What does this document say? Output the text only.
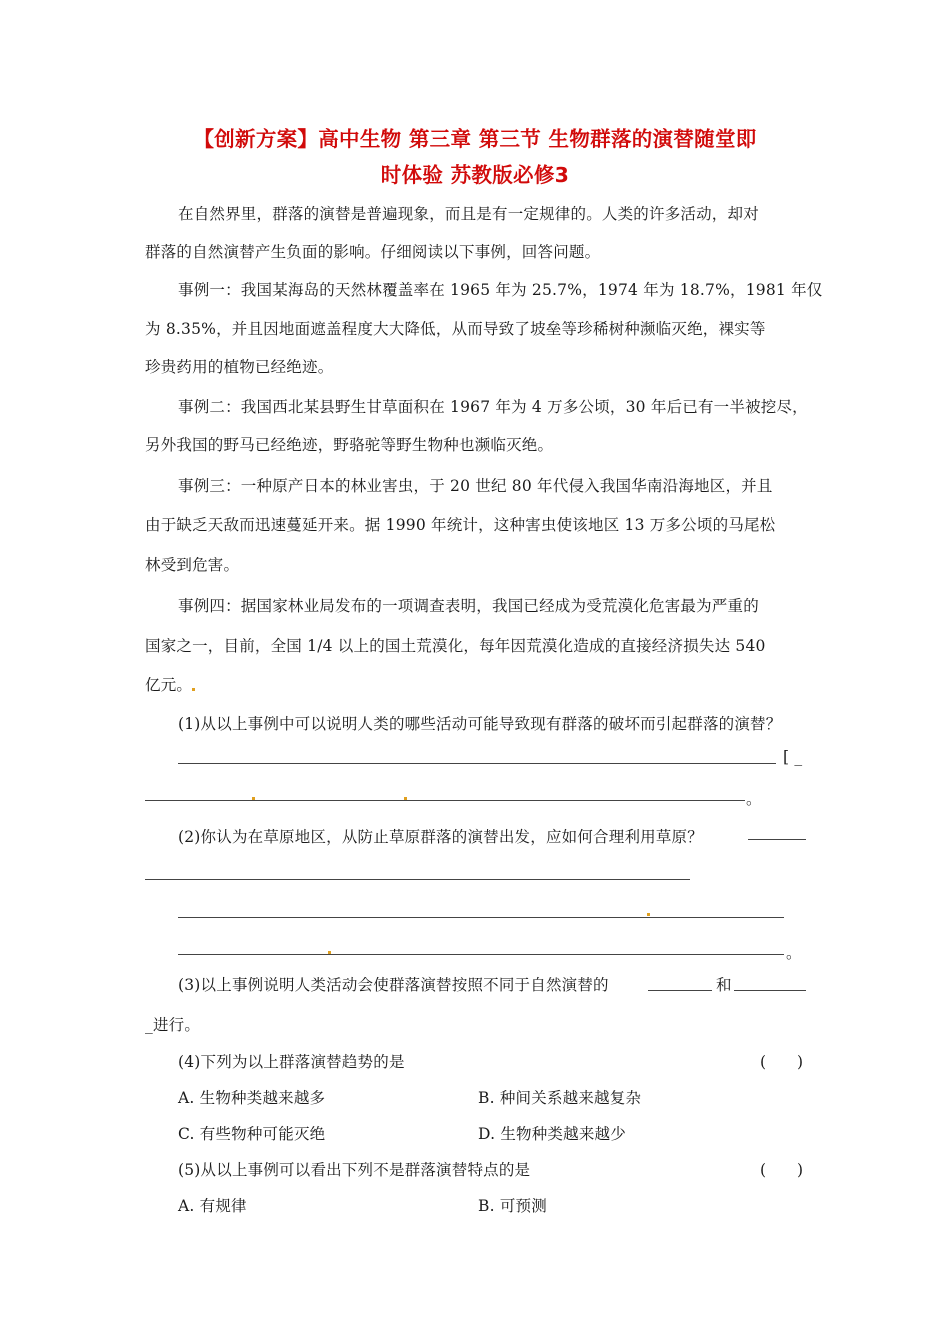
【创新方案】高中生物 第三章 第三节 生物群落的演替随堂即
时体验 苏教版必修3
在自然界里，群落的演替是普遍现象，而且是有一定规律的。人类的许多活动，却对
群落的自然演替产生负面的影响。仔细阅读以下事例，回答问题。
事例一：我国某海岛的天然林覆盖率在 1965 年为 25.7%，1974 年为 18.7%，1981 年仅
为 8.35%，并且因地面遮盖程度大大降低，从而导致了坡垒等珍稀树种濒临灭绝，裸实等
珍贵药用的植物已经绝迹。
事例二：我国西北某县野生甘草面积在 1967 年为 4 万多公顷，30 年后已有一半被挖尽，
另外我国的野马已经绝迹，野骆驼等野生物种也濒临灭绝。
事例三：一种原产日本的林业害虫，于 20 世纪 80 年代侵入我国华南沿海地区，并且
由于缺乏天敌而迅速蔓延开来。据 1990 年统计，这种害虫使该地区 13 万多公顷的马尾松
林受到危害。
事例四：据国家林业局发布的一项调查表明，我国已经成为受荒漠化危害最为严重的
国家之一，目前，全国 1/4 以上的国土荒漠化，每年因荒漠化造成的直接经济损失达 540
亿元。
(1)从以上事例中可以说明人类的哪些活动可能导致现有群落的破坏而引起群落的演替？
[ _
。
(2)你认为在草原地区，从防止草原群落的演替出发，应如何合理利用草原？
。
(3)以上事例说明人类活动会使群落演替按照不同于自然演替的	和
_进行。
(4)下列为以上群落演替趋势的是	(　　)
A. 生物种类越来越多	B. 种间关系越来越复杂
C. 有些物种可能灭绝	D. 生物种类越来越少
(5)从以上事例可以看出下列不是群落演替特点的是	(　　)
A. 有规律	B. 可预测
